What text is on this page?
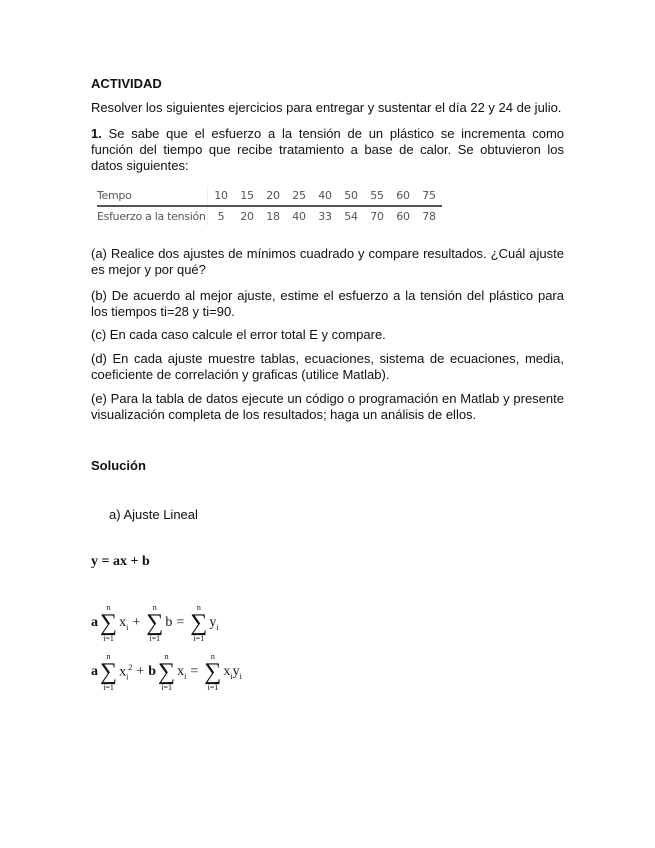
ACTIVIDAD
Resolver los siguientes ejercicios para entregar y sustentar el día 22 y 24 de julio.
1. Se sabe que el esfuerzo a la tensión de un plástico se incrementa como función del tiempo que recibe tratamiento a base de calor. Se obtuvieron los datos siguientes:
Tempo	10	15	20	25	40	50	55	60	75
Esfuerzo a la tensión	5	20	18	40	33	54	70	60	78
(a) Realice dos ajustes de mínimos cuadrado y compare resultados. ¿Cuál ajuste es mejor y por qué?
(b) De acuerdo al mejor ajuste, estime el esfuerzo a la tensión del plástico para los tiempos ti=28 y ti=90.
(c) En cada caso calcule el error total E y compare.
(d) En cada ajuste muestre tablas, ecuaciones, sistema de ecuaciones, media, coeficiente de correlación y graficas (utilice Matlab).
(e) Para la tabla de datos ejecute un código o programación en Matlab y presente visualización completa de los resultados; haga un análisis de ellos.
Solución
a) Ajuste Lineal
y = ax + b
a
n
∑
i=1
$x_i$ +
n
∑
i=1
b =
n
∑
i=1
$y_i$
a
n
∑
i=1
$x_i^2 + b$
n
∑
i=1
$x_i$ =
n
∑
i=1
$x_iy_i$
